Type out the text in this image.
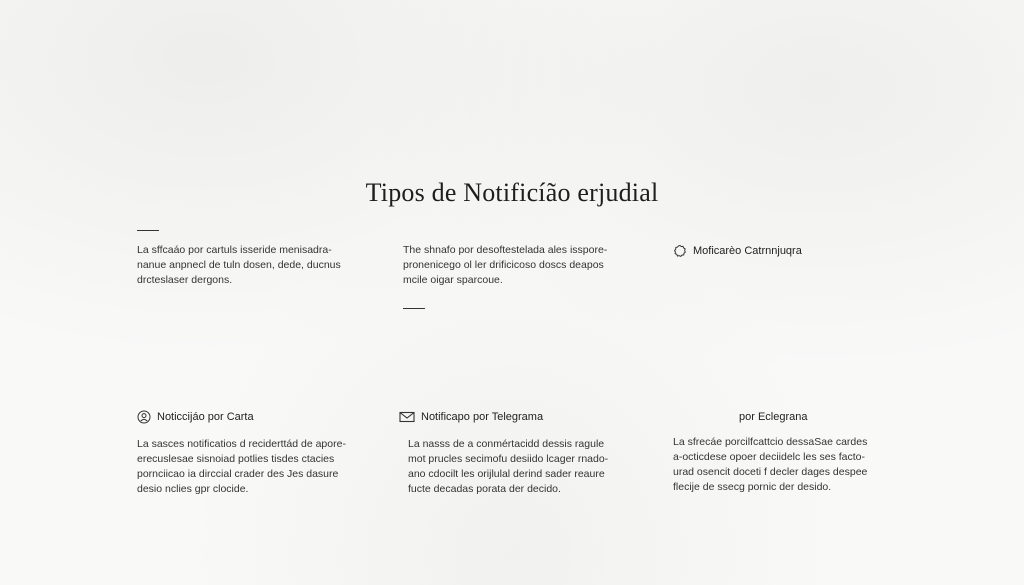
Tipos de Notificíão erjudial

La sffcaáo por cartuls isseride menisadra-

nanue anpnecl de tuln dosen, dede, ducnus

drcteslaser dergons.

The shnafo por desoftestelada ales isspore-

pronenicego ol ler drificicoso doscs deapos

mcile oigar sparcoue.

Moficarèo Catrnnjuqra
Noticcijáo por Carta

La sasces notificatios d reciderttád de apore-

erecuslesae sisnoiad potlies tisdes ctacies

pornciicao ia dirccial crader des Jes dasure

desio nclies gpr clocide.

Notificapo por Telegrama

La nasss de a conmértacidd dessis ragule

mot prucles secimofu desiido lcager rnado-

ano cdocilt les orijlulal derind sader reaure

fucte decadas porata der decido.

por Eclegrana

La sfrecáe porcilfcattcio dessaSae cardes

a-octicdese opoer deciidelc les ses facto-

urad osencit doceti f decler dages despee

flecije de ssecg pornic der desido.
